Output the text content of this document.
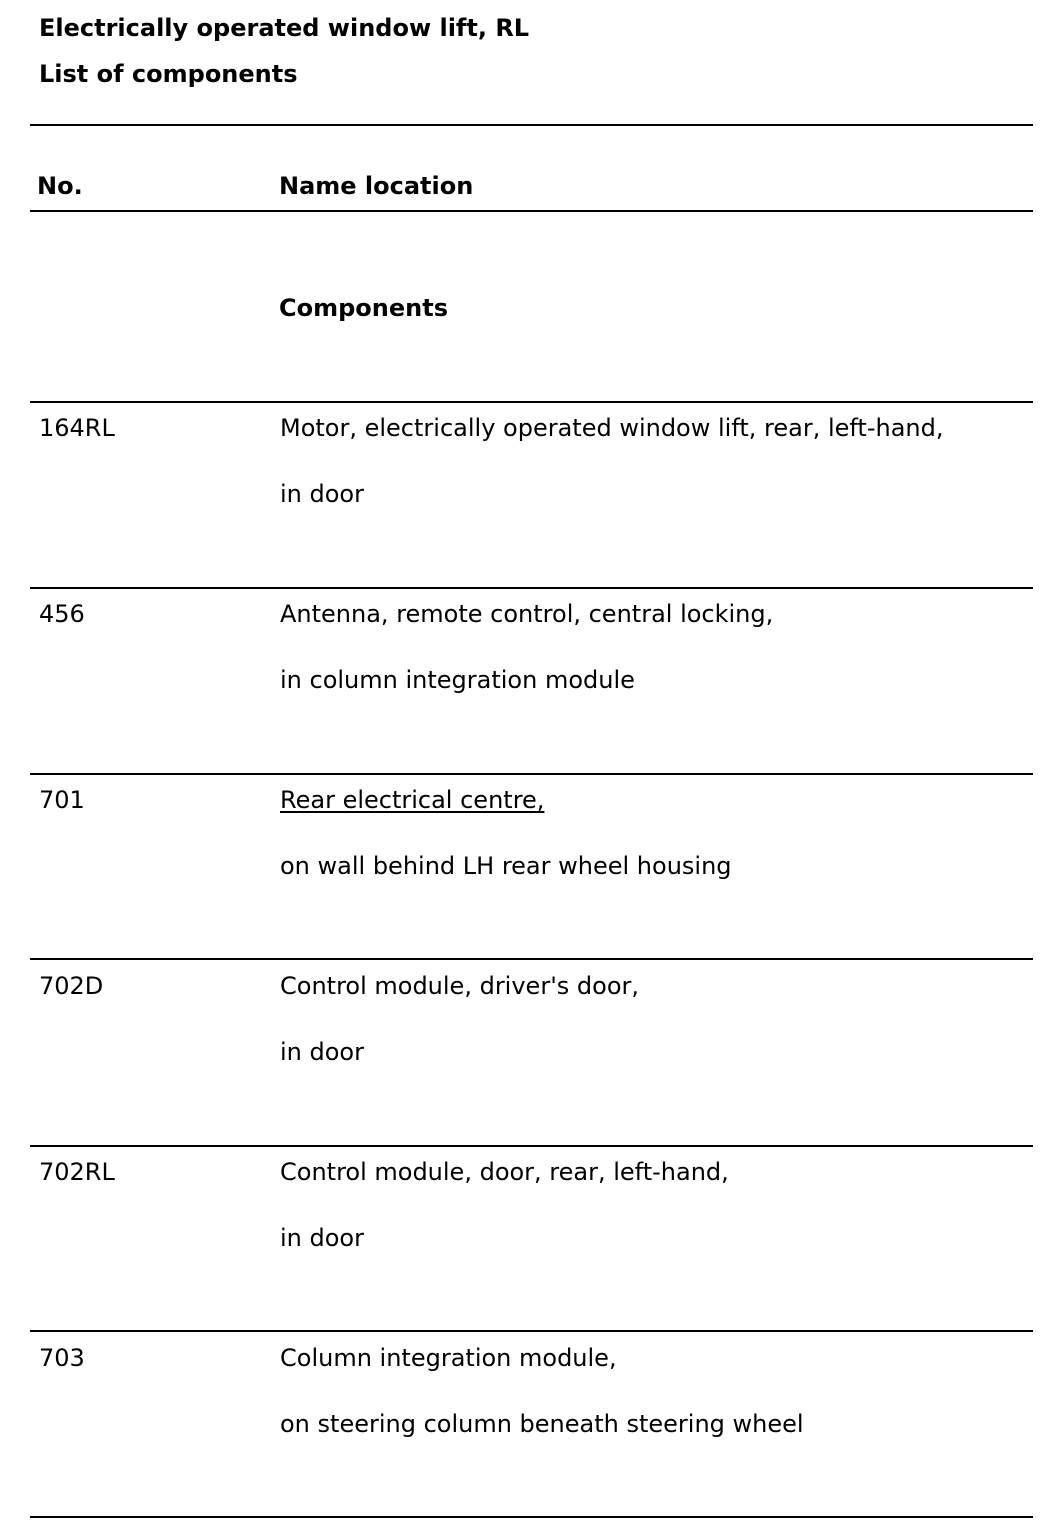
Electrically operated window lift, RL
List of components
No.	Name location
Components
164RL	Motor, electrically operated window lift, rear, left-hand,
in door
456	Antenna, remote control, central locking,
in column integration module
701	Rear electrical centre,
on wall behind LH rear wheel housing
702D	Control module, driver's door,
in door
702RL	Control module, door, rear, left-hand,
in door
703	Column integration module,
on steering column beneath steering wheel
